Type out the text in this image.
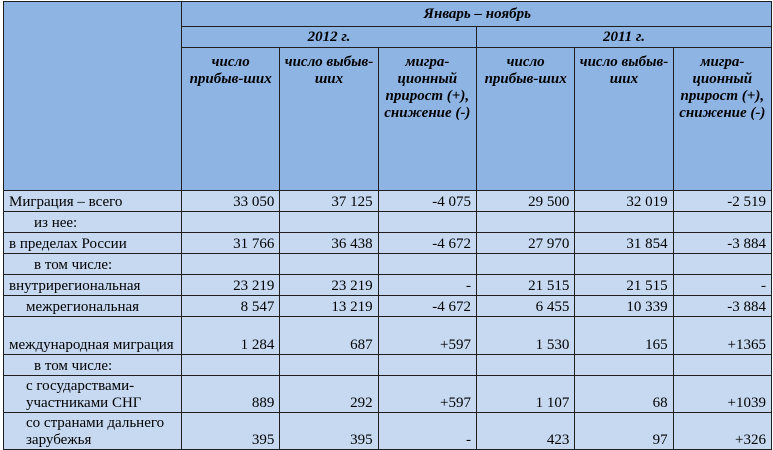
	Январь – ноябрь					
	2012 г.			2011 г.		
	число прибыв-ших	число выбыв-ших	мигра-ционный прирост (+), снижение (-)	число прибыв-ших	число выбыв-ших	мигра-ционный прирост (+), снижение (-)
Миграция – всего	33 050	37 125	-4 075	29 500	32 019	-2 519
из нее:						
в пределах России	31 766	36 438	-4 672	27 970	31 854	-3 884
в том числе:						
внутрирегиональная	23 219	23 219	-	21 515	21 515	-
межрегиональная	8 547	13 219	-4 672	6 455	10 339	-3 884
международная миграция	1 284	687	+597	1 530	165	+1365
в том числе:						
с государствами-участниками СНГ	889	292	+597	1 107	68	+1039
со странами дальнего зарубежья	395	395	-	423	97	+326
